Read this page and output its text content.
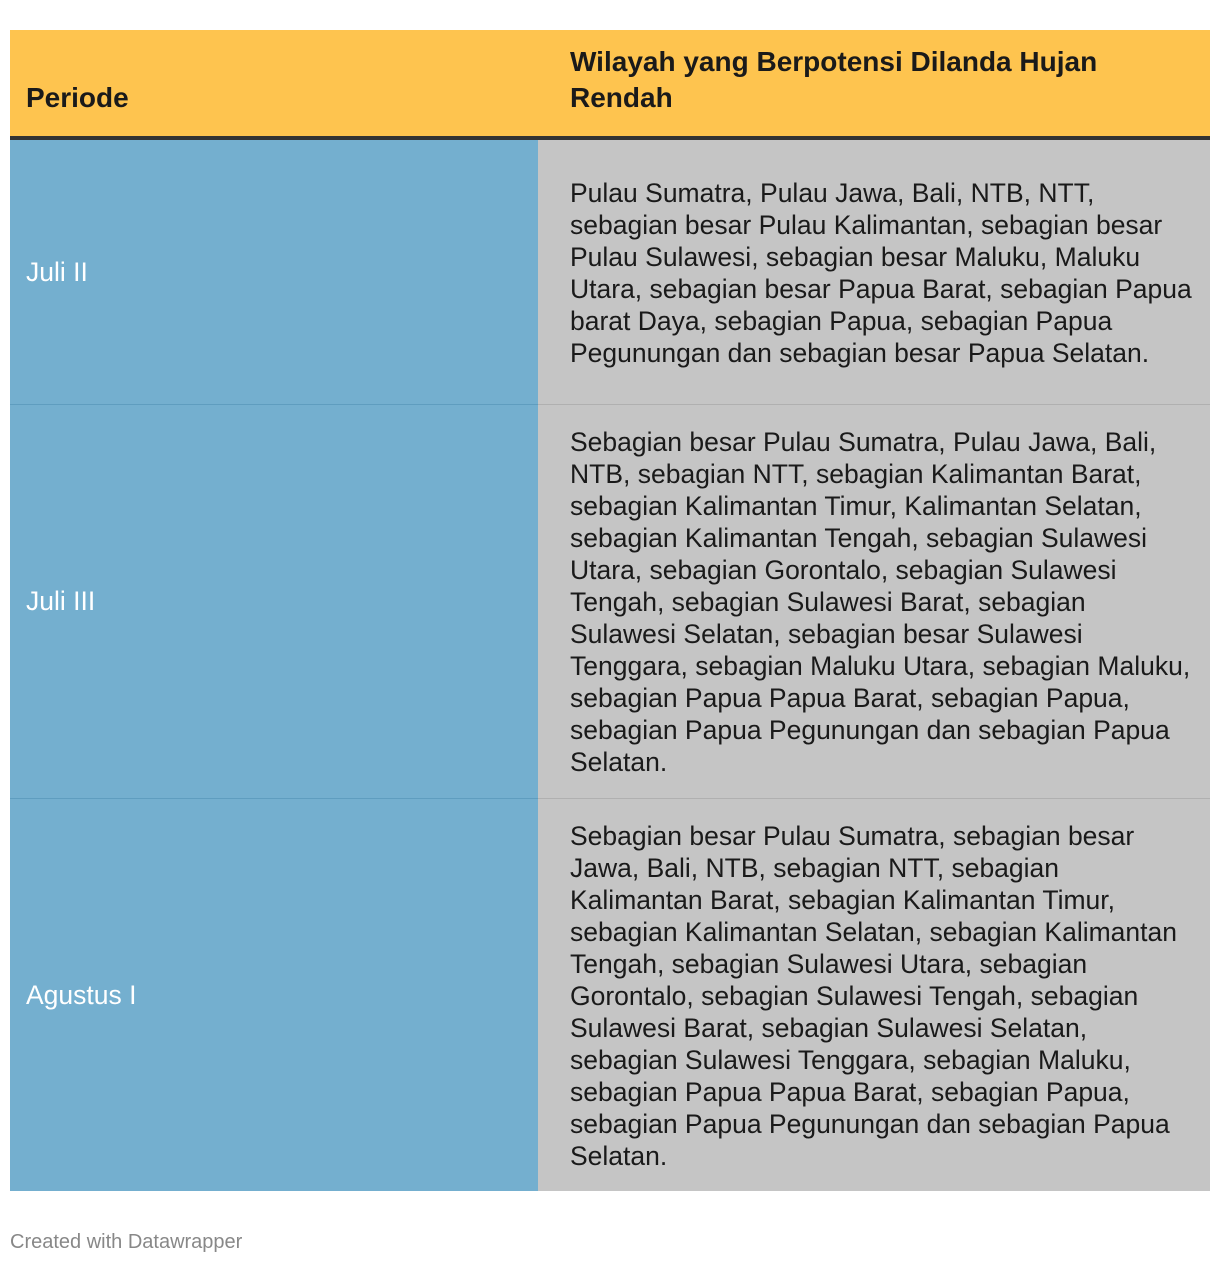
Periode	Wilayah yang Berpotensi Dilanda Hujan Rendah
Juli II	Pulau Sumatra, Pulau Jawa, Bali, NTB, NTT, sebagian besar Pulau Kalimantan, sebagian besar Pulau Sulawesi, sebagian besar Maluku, Maluku Utara, sebagian besar Papua Barat, sebagian Papua barat Daya, sebagian Papua, sebagian Papua Pegunungan dan sebagian besar Papua Selatan.
Juli III	Sebagian besar Pulau Sumatra, Pulau Jawa, Bali, NTB, sebagian NTT, sebagian Kalimantan Barat, sebagian Kalimantan Timur, Kalimantan Selatan, sebagian Kalimantan Tengah, sebagian Sulawesi Utara, sebagian Gorontalo, sebagian Sulawesi Tengah, sebagian Sulawesi Barat, sebagian Sulawesi Selatan, sebagian besar Sulawesi Tenggara, sebagian Maluku Utara, sebagian Maluku, sebagian Papua Papua Barat, sebagian Papua, sebagian Papua Pegunungan dan sebagian Papua Selatan.
Agustus I	Sebagian besar Pulau Sumatra, sebagian besar Jawa, Bali, NTB, sebagian NTT, sebagian Kalimantan Barat, sebagian Kalimantan Timur, sebagian Kalimantan Selatan, sebagian Kalimantan Tengah, sebagian Sulawesi Utara, sebagian Gorontalo, sebagian Sulawesi Tengah, sebagian Sulawesi Barat, sebagian Sulawesi Selatan, sebagian Sulawesi Tenggara, sebagian Maluku, sebagian Papua Papua Barat, sebagian Papua, sebagian Papua Pegunungan dan sebagian Papua Selatan.
Created with Datawrapper
